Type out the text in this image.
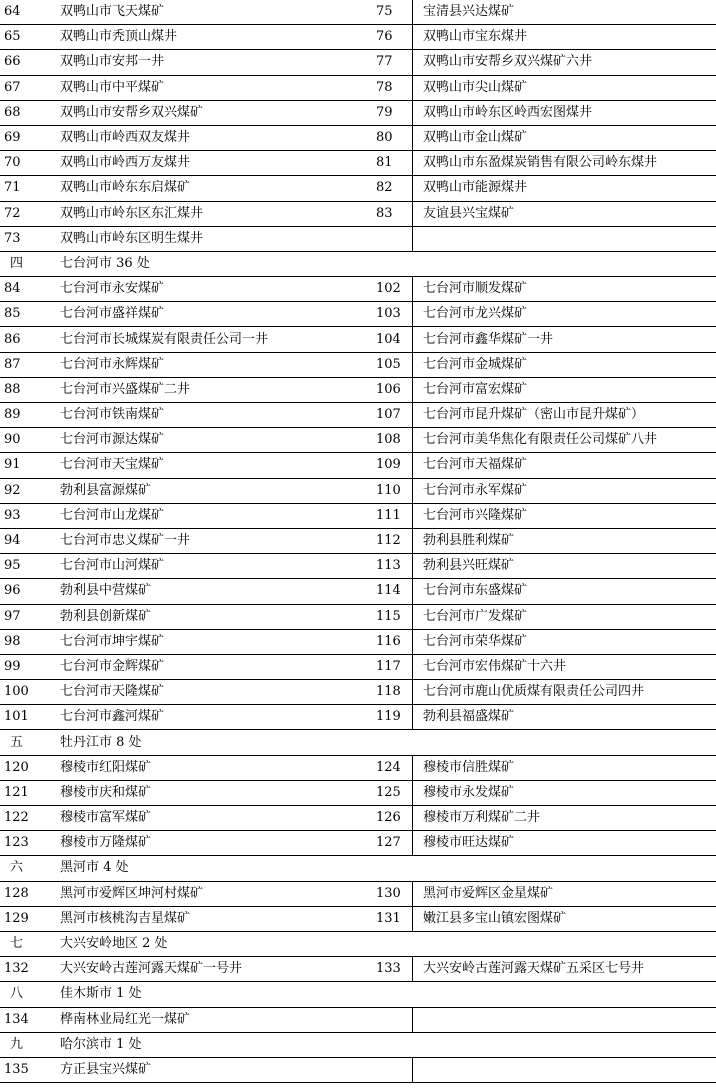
64	双鸭山市飞天煤矿	75	宝清县兴达煤矿
65	双鸭山市秃顶山煤井	76	双鸭山市宝东煤井
66	双鸭山市安邦一井	77	双鸭山市安帮乡双兴煤矿六井
67	双鸭山市中平煤矿	78	双鸭山市尖山煤矿
68	双鸭山市安帮乡双兴煤矿	79	双鸭山市岭东区岭西宏图煤井
69	双鸭山市岭西双友煤井	80	双鸭山市金山煤矿
70	双鸭山市岭西万友煤井	81	双鸭山市东盈煤炭销售有限公司岭东煤井
71	双鸭山市岭东东启煤矿	82	双鸭山市能源煤井
72	双鸭山市岭东区东汇煤井	83	友谊县兴宝煤矿
73	双鸭山市岭东区明生煤井		
四	七台河市 36 处		
84	七台河市永安煤矿	102	七台河市顺发煤矿
85	七台河市盛祥煤矿	103	七台河市龙兴煤矿
86	七台河市长城煤炭有限责任公司一井	104	七台河市鑫华煤矿一井
87	七台河市永辉煤矿	105	七台河市金城煤矿
88	七台河市兴盛煤矿二井	106	七台河市富宏煤矿
89	七台河市铁南煤矿	107	七台河市昆升煤矿（密山市昆升煤矿）
90	七台河市源达煤矿	108	七台河市美华焦化有限责任公司煤矿八井
91	七台河市天宝煤矿	109	七台河市天福煤矿
92	勃利县富源煤矿	110	七台河市永军煤矿
93	七台河市山龙煤矿	111	七台河市兴隆煤矿
94	七台河市忠义煤矿一井	112	勃利县胜利煤矿
95	七台河市山河煤矿	113	勃利县兴旺煤矿
96	勃利县中营煤矿	114	七台河市东盛煤矿
97	勃利县创新煤矿	115	七台河市广发煤矿
98	七台河市坤宇煤矿	116	七台河市荣华煤矿
99	七台河市金辉煤矿	117	七台河市宏伟煤矿十六井
100	七台河市天隆煤矿	118	七台河市鹿山优质煤有限责任公司四井
101	七台河市鑫河煤矿	119	勃利县福盛煤矿
五	牡丹江市 8 处		
120	穆棱市红阳煤矿	124	穆棱市信胜煤矿
121	穆棱市庆和煤矿	125	穆棱市永发煤矿
122	穆棱市富军煤矿	126	穆棱市万利煤矿二井
123	穆棱市万隆煤矿	127	穆棱市旺达煤矿
六	黑河市 4 处		
128	黑河市爱辉区坤河村煤矿	130	黑河市爱辉区金星煤矿
129	黑河市核桃沟吉星煤矿	131	嫩江县多宝山镇宏图煤矿
七	大兴安岭地区 2 处		
132	大兴安岭古莲河露天煤矿一号井	133	大兴安岭古莲河露天煤矿五采区七号井
八	佳木斯市 1 处		
134	桦南林业局红光一煤矿		
九	哈尔滨市 1 处		
135	方正县宝兴煤矿		
